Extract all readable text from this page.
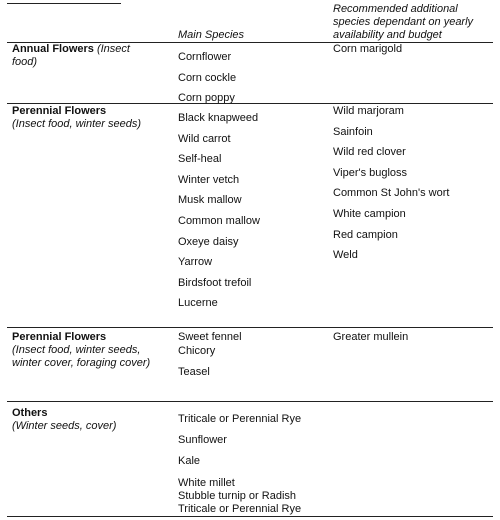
Main Species
Recommended additional
species dependant on yearly
availability and budget
Annual Flowers (Insect
food)	Cornflower
Corn cockle
Corn poppy
Corn marigold
Perennial Flowers
(Insect food, winter seeds)	Black knapweed
Wild carrot
Self-heal
Winter vetch
Musk mallow
Common mallow
Oxeye daisy
Yarrow
Birdsfoot trefoil
Lucerne
Wild marjoram
Sainfoin
Wild red clover
Viper's bugloss
Common St John's wort
White campion
Red campion
Weld
Perennial Flowers
(Insect food, winter seeds,
winter cover, foraging cover)
Sweet fennel
Chicory
Teasel
Greater mullein
Others
(Winter seeds, cover)
Triticale or Perennial Rye
Sunflower
Kale
White millet
Stubble turnip or Radish
Triticale or Perennial Rye
